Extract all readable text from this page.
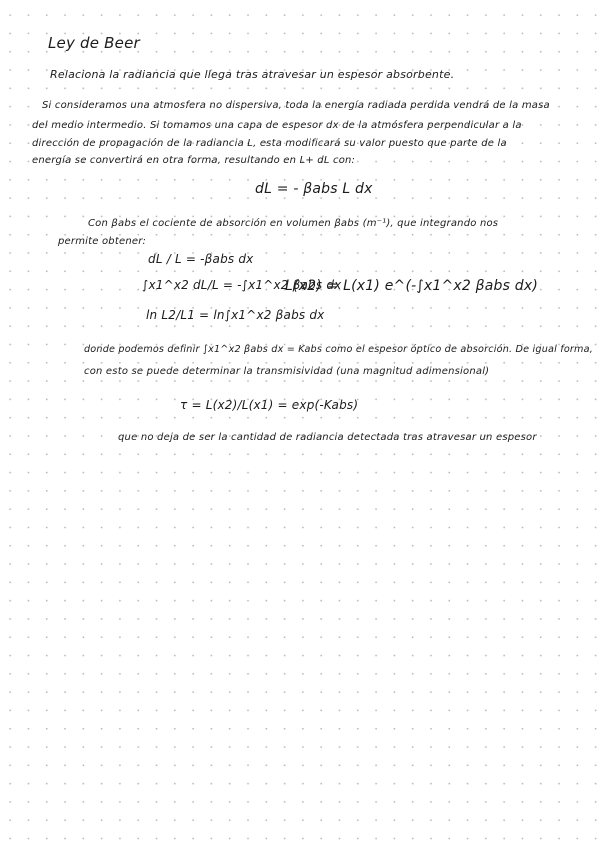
Ley de Beer
Relaciona la radiancia que llega tras atravesar un espesor absorbente.
Si consideramos una atmosfera no dispersiva, toda la energía radiada perdida vendrá de la masa
del medio intermedio. Si tomamos una capa de espesor dx de la atmósfera perpendicular a la
dirección de propagación de la radiancia L, esta modificará su valor puesto que parte de la
energía se convertirá en otra forma, resultando en L+ dL con:
dL = - βabs L dx
Con βabs el cociente de absorción en volumen βabs (m⁻¹), que integrando nos
permite obtener:
dL / L = -βabs dx
∫x1^x2 dL/L = -∫x1^x2 βabs dx
ln L2/L1 = ln∫x1^x2 βabs dx
L(x2) = L(x1) e^(-∫x1^x2 βabs dx)
donde podemos definir ∫x1^x2 βabs dx = Kabs como el espesor óptico de absorción. De igual forma,
con esto se puede determinar la transmisividad (una magnitud adimensional)
τ = L(x2)/L(x1) = exp(-Kabs)
que no deja de ser la cantidad de radiancia detectada tras atravesar un espesor
